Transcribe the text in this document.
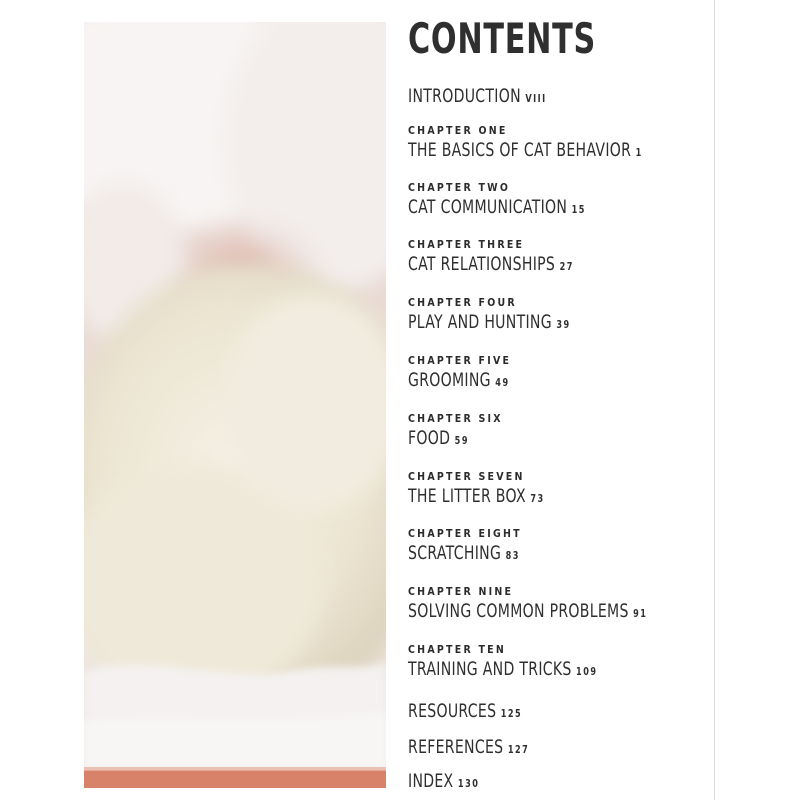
CONTENTS
INTRODUCTION VIII
CHAPTER ONE
THE BASICS OF CAT BEHAVIOR 1
CHAPTER TWO
CAT COMMUNICATION 15
CHAPTER THREE
CAT RELATIONSHIPS 27
CHAPTER FOUR
PLAY AND HUNTING 39
CHAPTER FIVE
GROOMING 49
CHAPTER SIX
FOOD 59
CHAPTER SEVEN
THE LITTER BOX 73
CHAPTER EIGHT
SCRATCHING 83
CHAPTER NINE
SOLVING COMMON PROBLEMS 91
CHAPTER TEN
TRAINING AND TRICKS 109
RESOURCES 125
REFERENCES 127
INDEX 130
